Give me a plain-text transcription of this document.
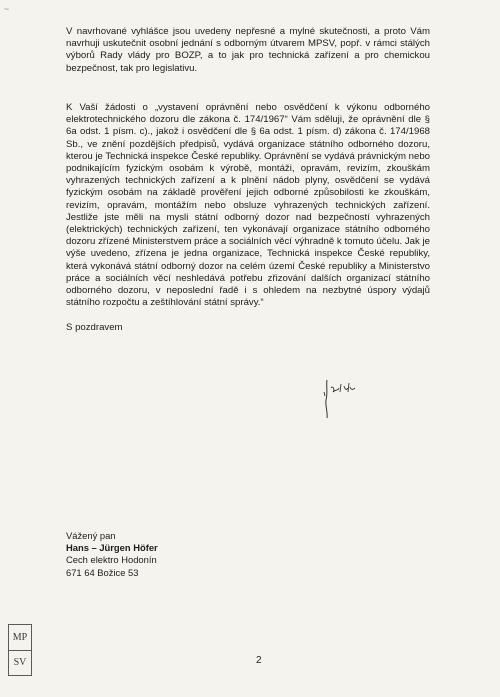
~

V navrhované vyhlášce jsou uvedeny nepřesné a mylné skutečnosti, a proto Vám navrhuji uskutečnit osobní jednání s odborným útvarem MPSV, popř. v rámci stálých výborů Rady vlády pro BOZP, a to jak pro technická zařízení a pro chemickou bezpečnost, tak pro legislativu.

K Vaší žádosti o „vystavení oprávnění nebo osvědčení k výkonu odborného elektrotechnického dozoru dle zákona č. 174/1967“ Vám sděluji, že oprávnění dle § 6a odst. 1 písm. c)., jakož i osvědčení dle § 6a odst. 1 písm. d) zákona č. 174/1968 Sb., ve znění pozdějších předpisů, vydává organizace státního odborného dozoru, kterou je Technická inspekce České republiky. Oprávnění se vydává právnickým nebo podnikajícím fyzickým osobám k výrobě, montáži, opravám, revizím, zkouškám vyhrazených technických zařízení a k plnění nádob plyny, osvědčení se vydává fyzickým osobám na základě prověření jejich odborné způsobilosti ke zkouškám, revizím, opravám, montážím nebo obsluze vyhrazených technických zařízení. Jestliže jste měli na mysli státní odborný dozor nad bezpečností vyhrazených (elektrických) technických zařízení, ten vykonávají organizace státního odborného dozoru zřízené Ministerstvem práce a sociálních věcí výhradně k tomuto účelu. Jak je výše uvedeno, zřízena je jedna organizace, Technická inspekce České republiky, která vykonává státní odborný dozor na celém území České republiky a Ministerstvo práce a sociálních věcí neshledává potřebu zřizování dalších organizací státního odborného dozoru, v neposlední řadě i s ohledem na nezbytné úspory výdajů státního rozpočtu a zeštíhlování státní správy.“

S pozdravem
Vážený pan
Hans – Jürgen Höfer
Cech elektro Hodonín
671 64 Božice 53
2
MP
SV
